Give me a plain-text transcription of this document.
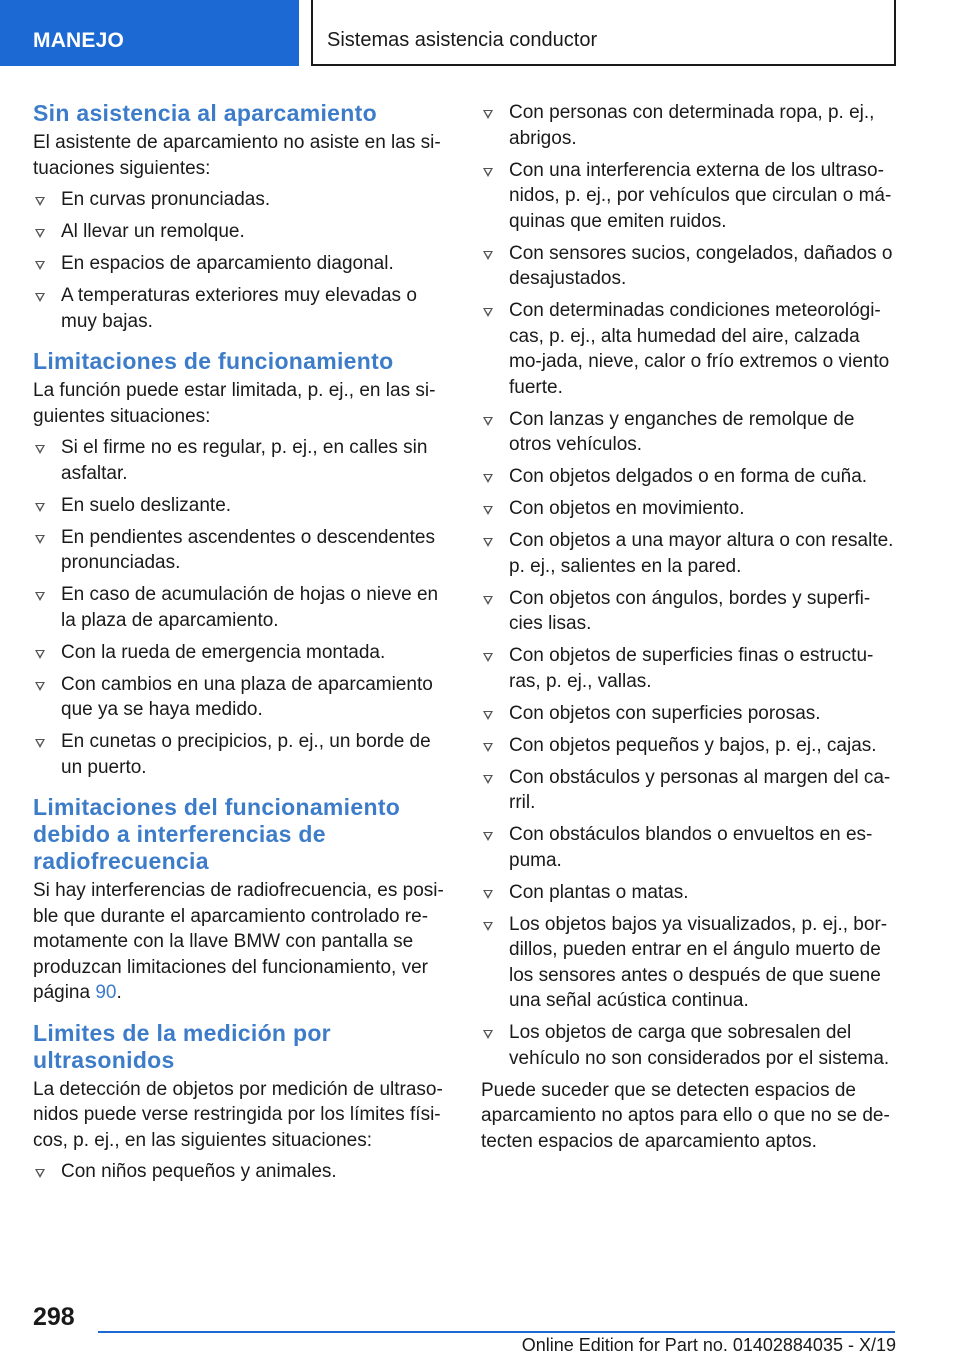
MANEJO	Sistemas asistencia conductor
Sin asistencia al aparcamiento

El asistente de aparcamiento no asiste en las si-tuaciones siguientes:

En curvas pronunciadas.
Al llevar un remolque.
En espacios de aparcamiento diagonal.
A temperaturas exteriores muy elevadas o muy bajas.
Limitaciones de funcionamiento

La función puede estar limitada, p. ej., en las si-guientes situaciones:

Si el firme no es regular, p. ej., en calles sin asfaltar.
En suelo deslizante.
En pendientes ascendentes o descendentes pronunciadas.
En caso de acumulación de hojas o nieve en la plaza de aparcamiento.
Con la rueda de emergencia montada.
Con cambios en una plaza de aparcamiento que ya se haya medido.
En cunetas o precipicios, p. ej., un borde de un puerto.
Limitaciones del funcionamiento debido a interferencias de radiofrecuencia

Si hay interferencias de radiofrecuencia, es posi-ble que durante el aparcamiento controlado re-motamente con la llave BMW con pantalla se produzcan limitaciones del funcionamiento, ver página 90.

Limites de la medición por ultrasonidos

La detección de objetos por medición de ultraso-nidos puede verse restringida por los límites físi-cos, p. ej., en las siguientes situaciones:

Con niños pequeños y animales.
Con personas con determinada ropa, p. ej., abrigos.
Con una interferencia externa de los ultraso-nidos, p. ej., por vehículos que circulan o má-quinas que emiten ruidos.
Con sensores sucios, congelados, dañados o desajustados.
Con determinadas condiciones meteorológi-cas, p. ej., alta humedad del aire, calzada mo-jada, nieve, calor o frío extremos o viento fuerte.
Con lanzas y enganches de remolque de otros vehículos.
Con objetos delgados o en forma de cuña.
Con objetos en movimiento.
Con objetos a una mayor altura o con resalte. p. ej., salientes en la pared.
Con objetos con ángulos, bordes y superfi-cies lisas.
Con objetos de superficies finas o estructu-ras, p. ej., vallas.
Con objetos con superficies porosas.
Con objetos pequeños y bajos, p. ej., cajas.
Con obstáculos y personas al margen del ca-rril.
Con obstáculos blandos o envueltos en es-puma.
Con plantas o matas.
Los objetos bajos ya visualizados, p. ej., bor-dillos, pueden entrar en el ángulo muerto de los sensores antes o después de que suene una señal acústica continua.
Los objetos de carga que sobresalen del vehículo no son considerados por el sistema.

Puede suceder que se detecten espacios de aparcamiento no aptos para ello o que no se de-tecten espacios de aparcamiento aptos.

298
Online Edition for Part no. 01402884035 - X/19
